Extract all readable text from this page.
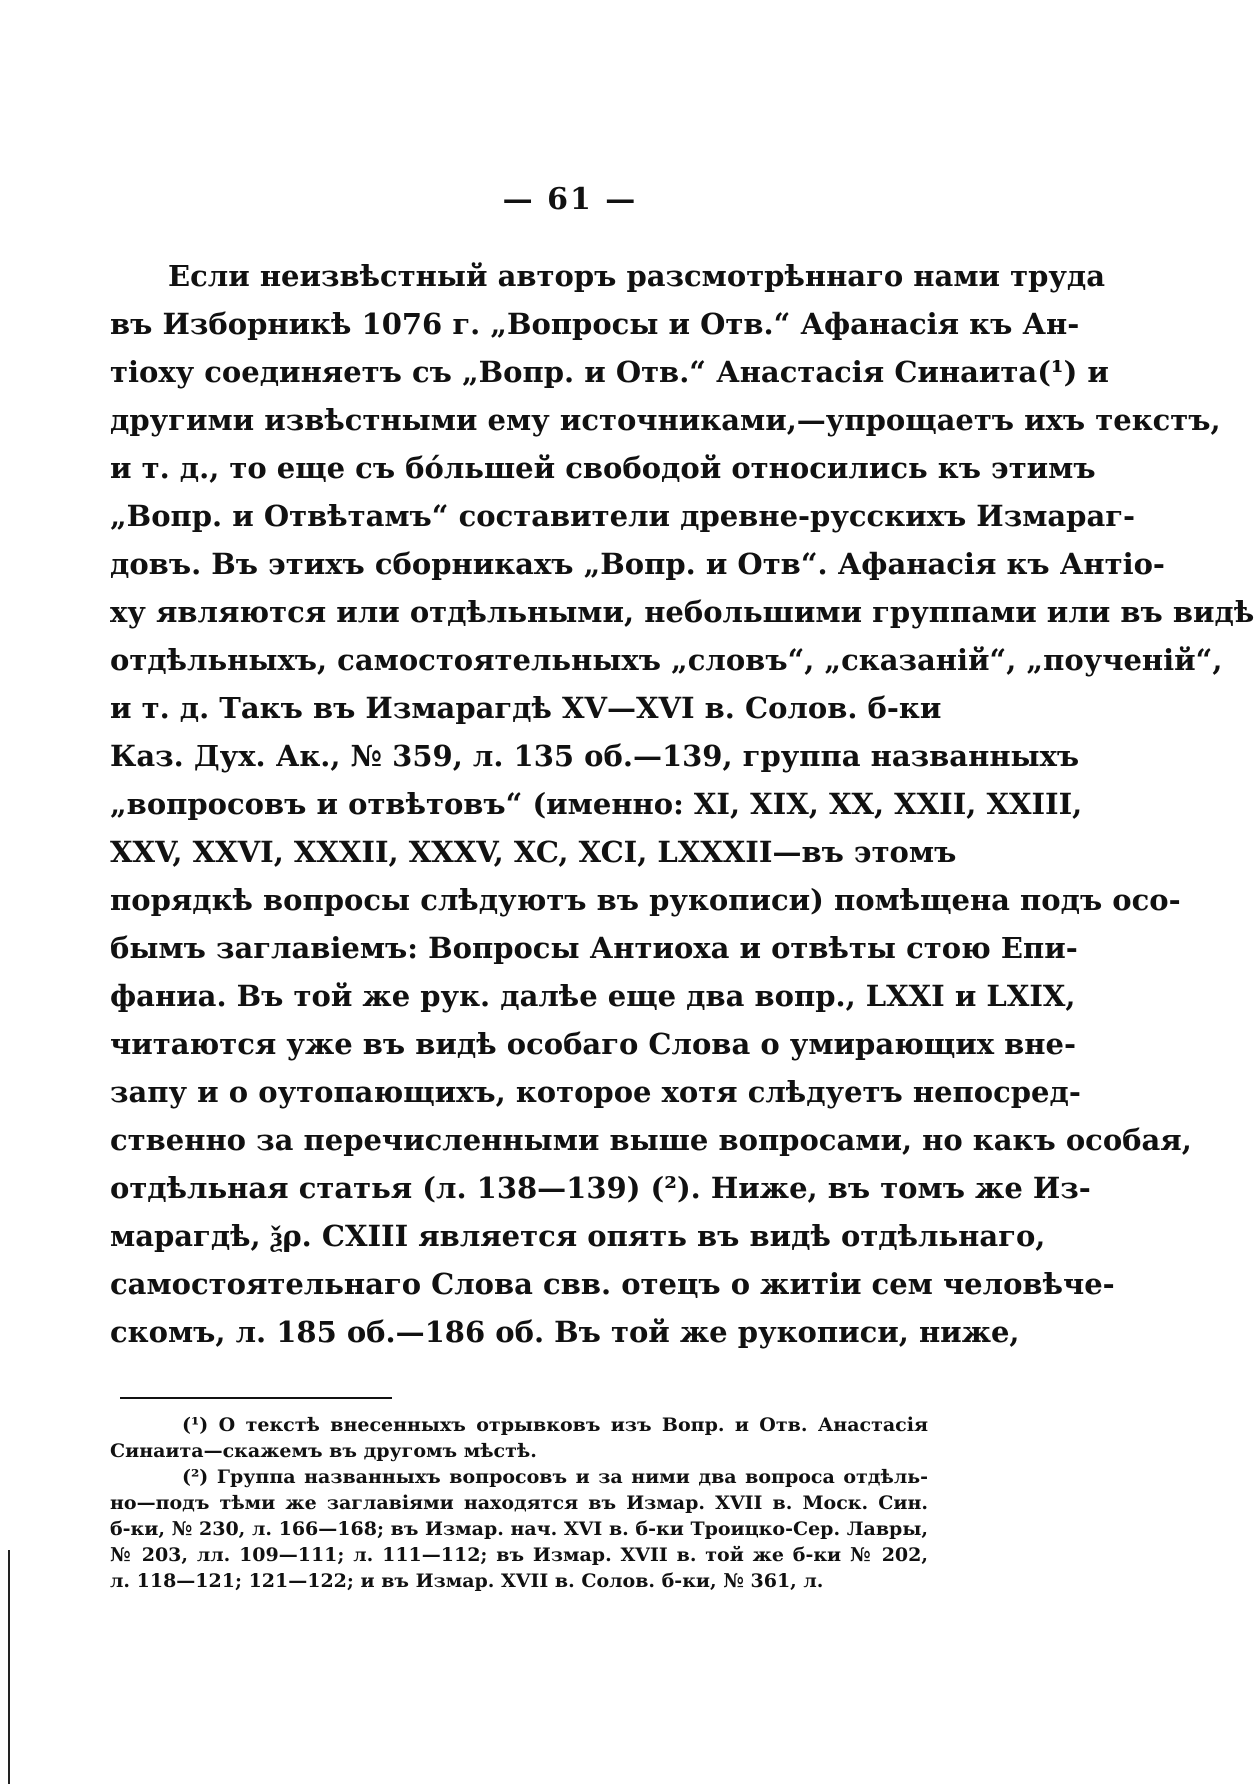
— 61 —
Если неизвѣстный авторъ разсмотрѣннаго нами труда
въ Изборникѣ 1076 г. „Вопросы и Отв.“ Афанасія къ Ан-
тіоху соединяетъ съ „Вопр. и Отв.“ Анастасія Синаита(¹) и
другими извѣстными ему источниками,—упрощаетъ ихъ текстъ,
и т. д., то еще съ бóльшей свободой относились къ этимъ
„Вопр. и Отвѣтамъ“ составители древне-русскихъ Измараг-
довъ. Въ этихъ сборникахъ „Вопр. и Отв“. Афанасія къ Антіо-
ху являются или отдѣльными, небольшими группами или въ видѣ
отдѣльныхъ, самостоятельныхъ „словъ“, „сказаній“, „поученій“,
и т. д. Такъ въ Измарагдѣ XV—XVI в. Солов. б-ки
Каз. Дух. Ак., № 359, л. 135 об.—139, группа названныхъ
„вопросовъ и отвѣтовъ“ (именно: XI, XIX, XX, XXII, XXIII,
XXV, XXVI, XXXII, XXXV, XC, XCI, LXXXII—въ этомъ
порядкѣ вопросы слѣдуютъ въ рукописи) помѣщена подъ осо-
бымъ заглавіемъ: Вопросы Антиоха и отвѣты стою Епи-
фаниа. Въ той же рук. далѣе еще два вопр., LXXI и LXIX,
читаются уже въ видѣ особаго Слова о умирающих вне-
запу и о оутопающихъ, которое хотя слѣдуетъ непосред-
ственно за перечисленными выше вопросами, но какъ особая,
отдѣльная статья (л. 138—139) (²). Ниже, въ томъ же Из-
марагдѣ, ѯρ. CXIII является опять въ видѣ отдѣльнаго,
самостоятельнаго Слова свв. отецъ о житіи сем человѣче-
скомъ, л. 185 об.—186 об. Въ той же рукописи, ниже,
(¹) О текстѣ внесенныхъ отрывковъ изъ Вопр. и Отв. Анастасія
Синаита—скажемъ въ другомъ мѣстѣ.
(²) Группа названныхъ вопросовъ и за ними два вопроса отдѣль-
но—подъ тѣми же заглавіями находятся въ Измар. XVII в. Моск. Син.
б-ки, № 230, л. 166—168; въ Измар. нач. XVI в. б-ки Троицко-Сер. Лавры,
№ 203, лл. 109—111; л. 111—112; въ Измар. XVII в. той же б-ки № 202,
л. 118—121; 121—122; и въ Измар. XVII в. Солов. б-ки, № 361, л.
